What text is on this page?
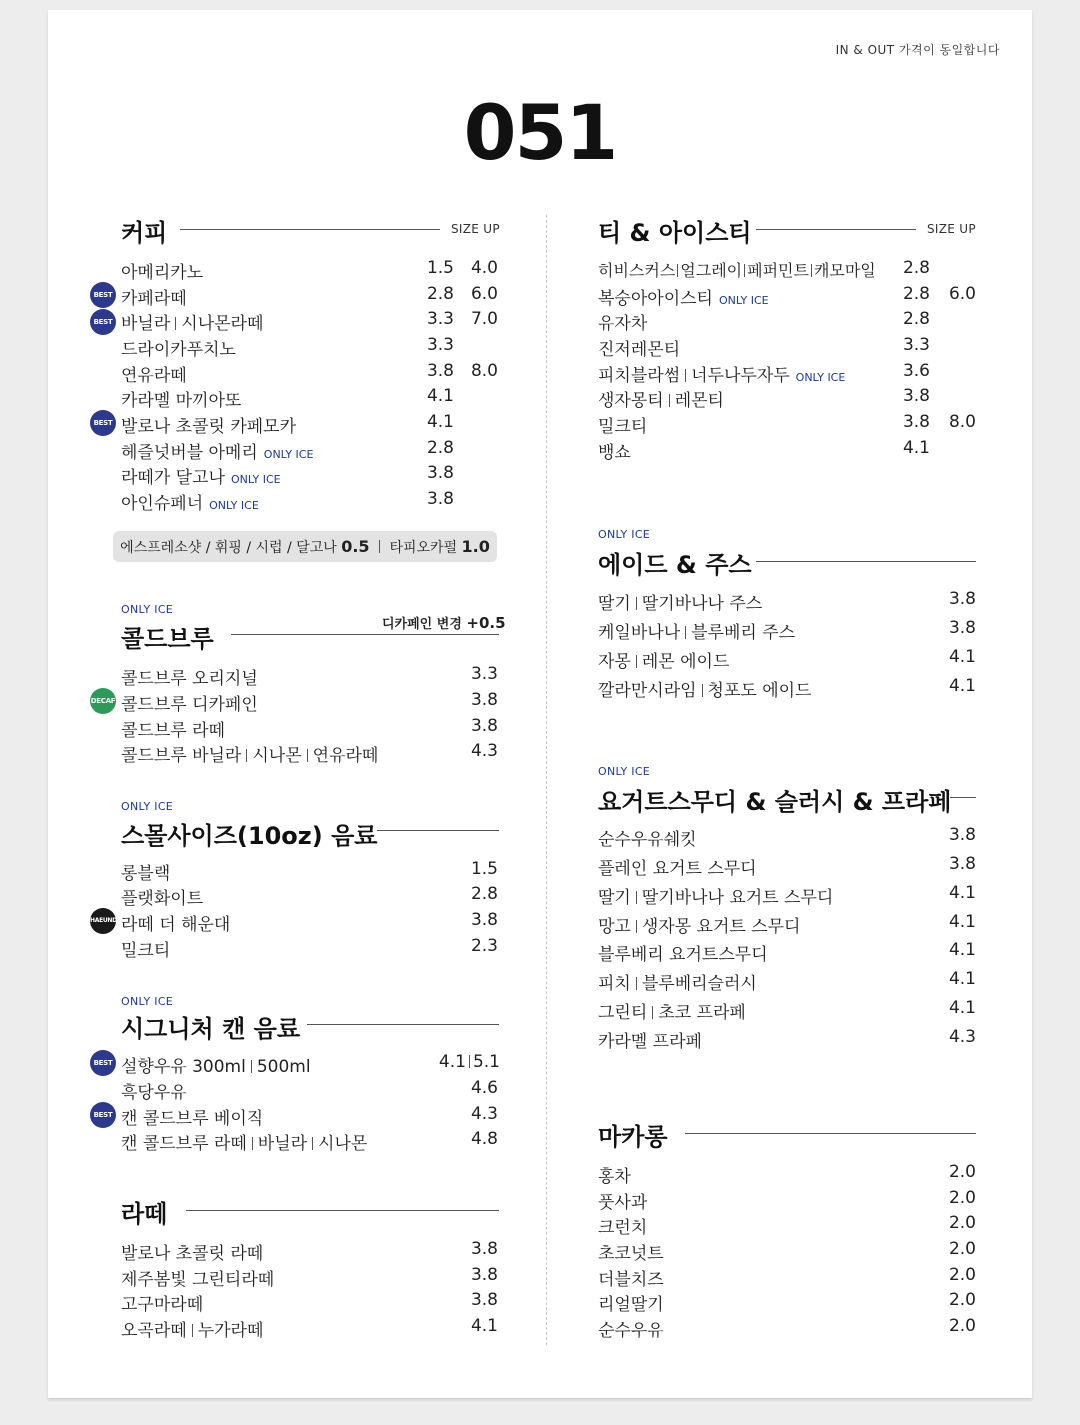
IN & OUT 가격이 동일합니다
051
커피	SIZE UP
아메리카노	1.5 4.0
BEST 카페라떼	2.8 6.0
BEST 바닐라 시나몬라떼	3.3 7.0
드라이카푸치노	3.3
연유라떼	3.8 8.0
카라멜 마끼아또	4.1
BEST 발로나 초콜릿 카페모카	4.1
헤즐넛버블 아메리 ONLY ICE	2.8
라떼가 달고나 ONLY ICE	3.8
아인슈페너 ONLY ICE	3.8
에스프레소샷 / 휘핑 / 시럽 / 달고나 0.5 타피오카펄 1.0
ONLY ICE
콜드브루
디카페인 변경 +0.5
콜드브루 오리지널	3.3
DECAF 콜드브루 디카페인	3.8
콜드브루 라떼	3.8
콜드브루 바닐라 시나몬 연유라떼	4.3
ONLY ICE
스몰사이즈(10oz) 음료
롱블랙	1.5
플랫화이트	2.8
HAEUNDAE
라떼 더 해운대	3.8
밀크티	2.3
ONLY ICE
시그니처 캔 음료
BEST 설향우유 300ml 500ml	4.1 5.1
흑당우유	4.6
BEST 캔 콜드브루 베이직	4.3
캔 콜드브루 라떼 바닐라 시나몬	4.8
라떼
발로나 초콜릿 라떼	3.8
제주봄빛 그린티라떼	3.8
고구마라떼	3.8
오곡라떼 누가라떼	4.1
티 & 아이스티	SIZE UP
히비스커스 얼그레이 페퍼민트 캐모마일	2.8
복숭아아이스티 ONLY ICE	2.8	6.0
유자차	2.8
진저레몬티	3.3
피치블라썸 너두나두자두 ONLY ICE	3.6
생자몽티 레몬티	3.8
밀크티	3.8	8.0
뱅쇼	4.1
ONLY ICE
에이드 & 주스
딸기 딸기바나나 주스	3.8
케일바나나 블루베리 주스	3.8
자몽 레몬 에이드	4.1
깔라만시라임 청포도 에이드	4.1
ONLY ICE
요거트스무디 & 슬러시 & 프라페
순수우유쉐킷	3.8
플레인 요거트 스무디	3.8
딸기 딸기바나나 요거트 스무디	4.1
망고 생자몽 요거트 스무디	4.1
블루베리 요거트스무디	4.1
피치 블루베리슬러시	4.1
그린티 초코 프라페	4.1
카라멜 프라페	4.3
마카롱
홍차	2.0
풋사과	2.0
크런치	2.0
초코넛트	2.0
더블치즈	2.0
리얼딸기	2.0
순수우유	2.0
